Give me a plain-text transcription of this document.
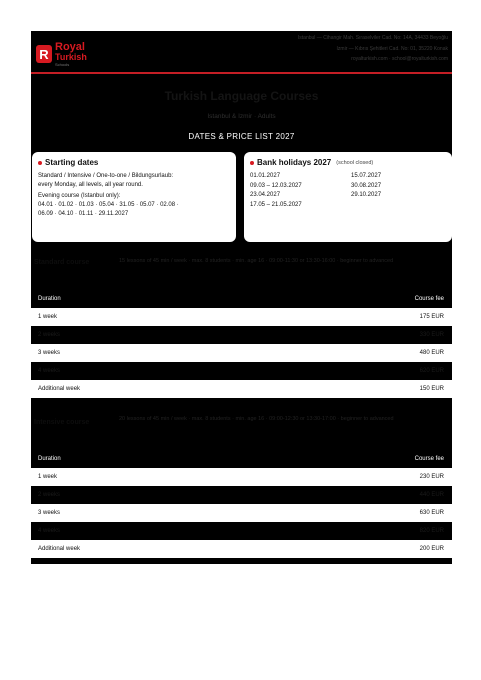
R Royal
Turkish
Schools
Istanbul — Cihangir Mah. Sıraselviler Cad. No: 14A, 34433 Beyoğlu
Izmir — Kıbrıs Şehitleri Cad. No: 01, 35220 Konak
royalturkish.com · school@royalturkish.com
Turkish Language Courses
Istanbul & Izmir · Adults
DATES & PRICE LIST 2027
Starting dates
Standard / Intensive / One-to-one / Bildungsurlaub:
every Monday, all levels, all year round.
Evening course (Istanbul only):
04.01 · 01.02 · 01.03 · 05.04 · 31.05 · 05.07 · 02.08 ·
06.09 · 04.10 · 01.11 · 29.11.2027
Bank holidays 2027 (school closed)
01.01.2027	15.07.2027
09.03 – 12.03.2027	30.08.2027
23.04.2027	29.10.2027
17.05 – 21.05.2027
Standard course	15 lessons of 45 min / week · max. 8 students · min. age 16 · 09:00-11:30 or 13:30-16:00 · beginner to advanced
Duration	Course fee
1 week	175 EUR
2 weeks	330 EUR
3 weeks	480 EUR
4 weeks	620 EUR
Additional week	150 EUR
Intensive course	20 lessons of 45 min / week · max. 8 students · min. age 16 · 09:00-12:30 or 13:30-17:00 · beginner to advanced
Duration	Course fee
1 week	230 EUR
2 weeks	440 EUR
3 weeks	630 EUR
4 weeks	820 EUR
Additional week	200 EUR
